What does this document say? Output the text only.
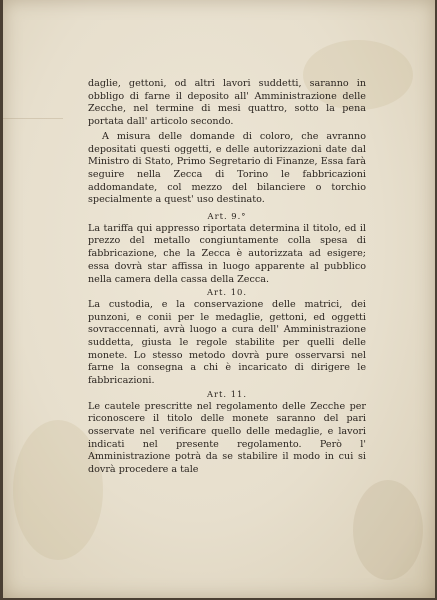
daglie, gettoni, od altri lavori suddetti, saranno in obbligo di farne il deposito all' Amministrazione delle Zecche, nel termine di mesi quattro, sotto la pena portata dall' articolo secondo.

A misura delle domande di coloro, che avranno depositati questi oggetti, e delle autorizzazioni date dal Ministro di Stato, Primo Segretario di Finanze, Essa farà seguire nella Zecca di Torino le fabbricazioni addomandate, col mezzo del bilanciere o torchio specialmente a quest' uso destinato.

Art. 9.°

La tariffa qui appresso riportata determina il titolo, ed il prezzo del metallo congiuntamente colla spesa di fabbricazione, che la Zecca è autorizzata ad esigere; essa dovrà star affissa in luogo apparente al pubblico nella camera della cassa della Zecca.

Art. 10.

La custodia, e la conservazione delle matrici, dei punzoni, e conii per le medaglie, gettoni, ed oggetti sovraccennati, avrà luogo a cura dell' Amministrazione suddetta, giusta le regole stabilite per quelli delle monete. Lo stesso metodo dovrà pure osservarsi nel farne la consegna a chi è incaricato di dirigere le fabbricazioni.

Art. 11.

Le cautele prescritte nel regolamento delle Zecche per riconoscere il titolo delle monete saranno del pari osservate nel verificare quello delle medaglie, e lavori indicati nel presente regolamento. Però l' Amministrazione potrà da se stabilire il modo in cui si dovrà procedere a tale
